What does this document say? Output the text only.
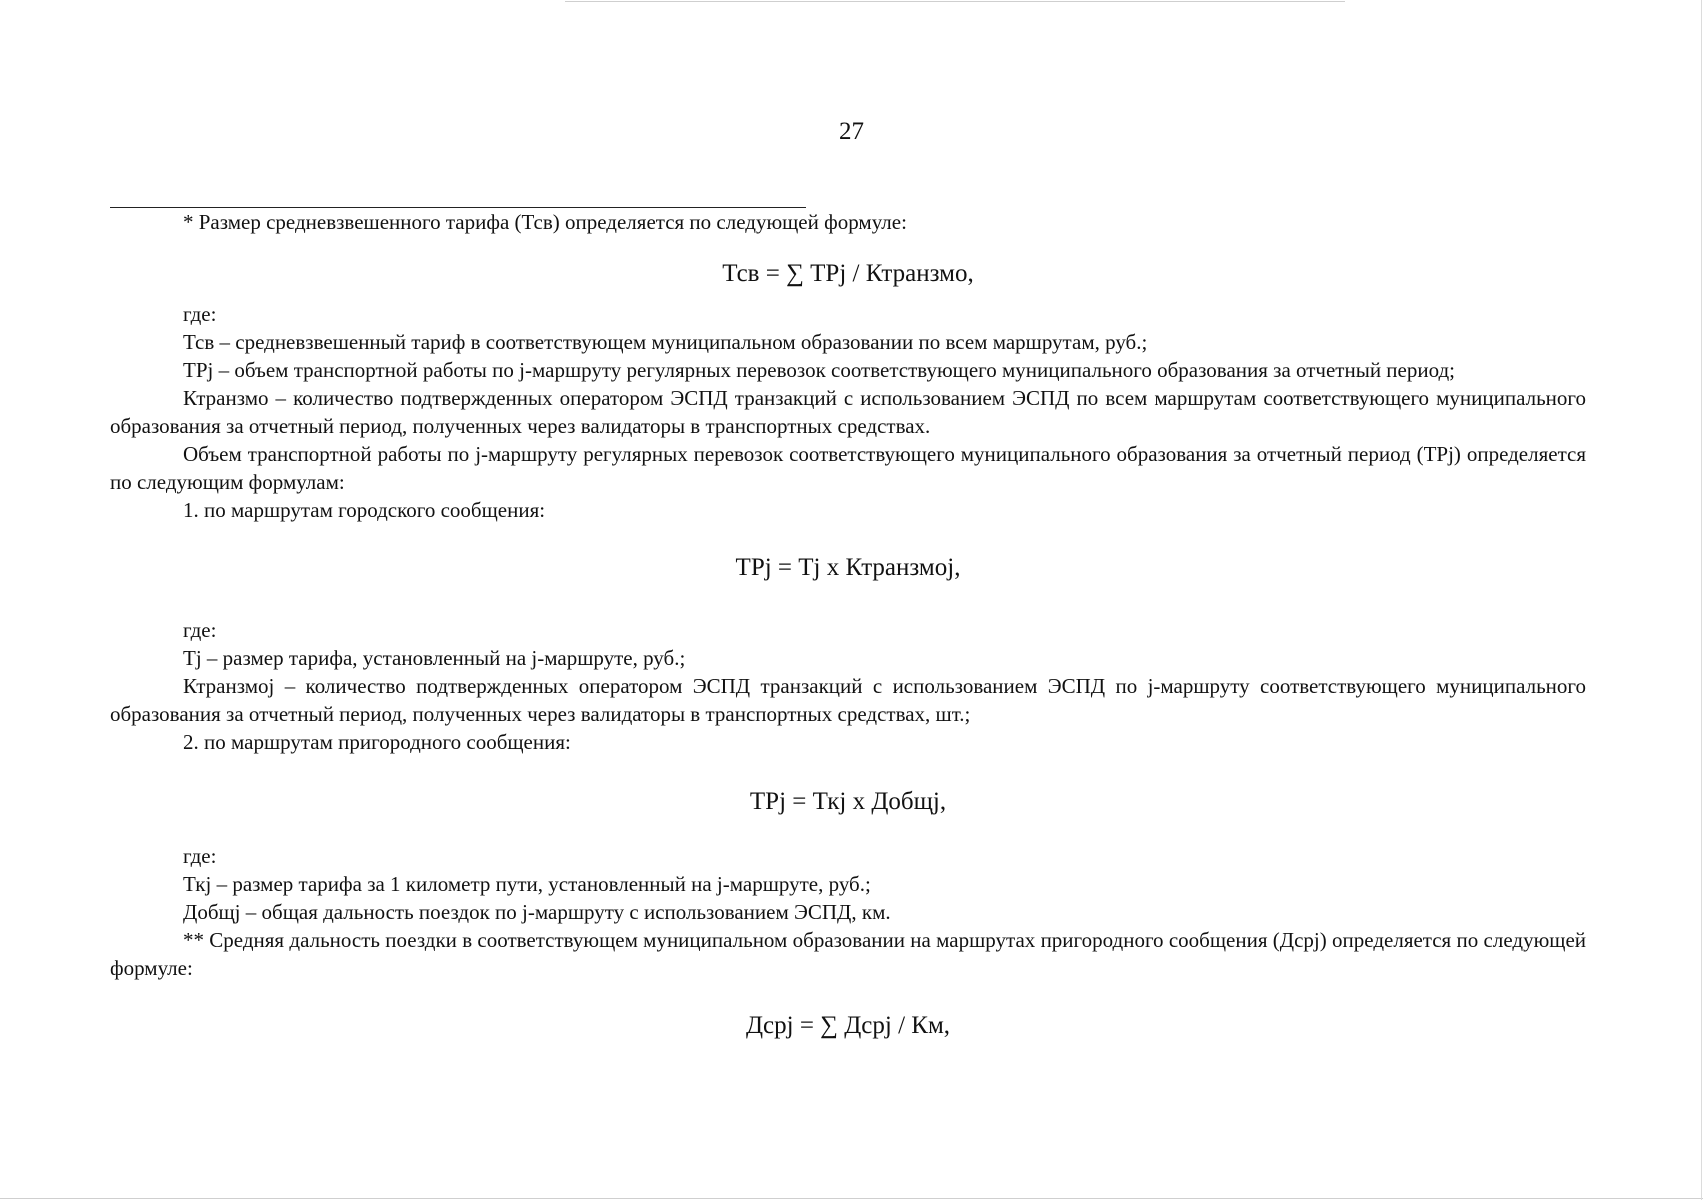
27

* Размер средневзвешенного тарифа (Тсв) определяется по следующей формуле:

Тсв = ∑ ТРj / Ктранзмо,

где:

Тсв – средневзвешенный тариф в соответствующем муниципальном образовании по всем маршрутам, руб.;

ТРj – объем транспортной работы по j-маршруту регулярных перевозок соответствующего муниципального образования за отчетный период;

Ктранзмо – количество подтвержденных оператором ЭСПД транзакций с использованием ЭСПД по всем маршрутам соответствующего муниципального образования за отчетный период, полученных через валидаторы в транспортных средствах.

Объем транспортной работы по j-маршруту регулярных перевозок соответствующего муниципального образования за отчетный период (ТРj) определяется по следующим формулам:

1. по маршрутам городского сообщения:

ТРj = Тj x Ктранзмоj,

где:

Тj – размер тарифа, установленный на j-маршруте, руб.;

Ктранзмоj – количество подтвержденных оператором ЭСПД транзакций с использованием ЭСПД по j-маршруту соответствующего муниципального образования за отчетный период, полученных через валидаторы в транспортных средствах, шт.;

2. по маршрутам пригородного сообщения:

ТРj = Ткj x Добщj,

где:

Ткj – размер тарифа за 1 километр пути, установленный на j-маршруте, руб.;

Добщj – общая дальность поездок по j-маршруту с использованием ЭСПД, км.

** Средняя дальность поездки в соответствующем муниципальном образовании на маршрутах пригородного сообщения (Дсрj) определяется по следующей формуле:

Дсрj = ∑ Дсрj / Км,
